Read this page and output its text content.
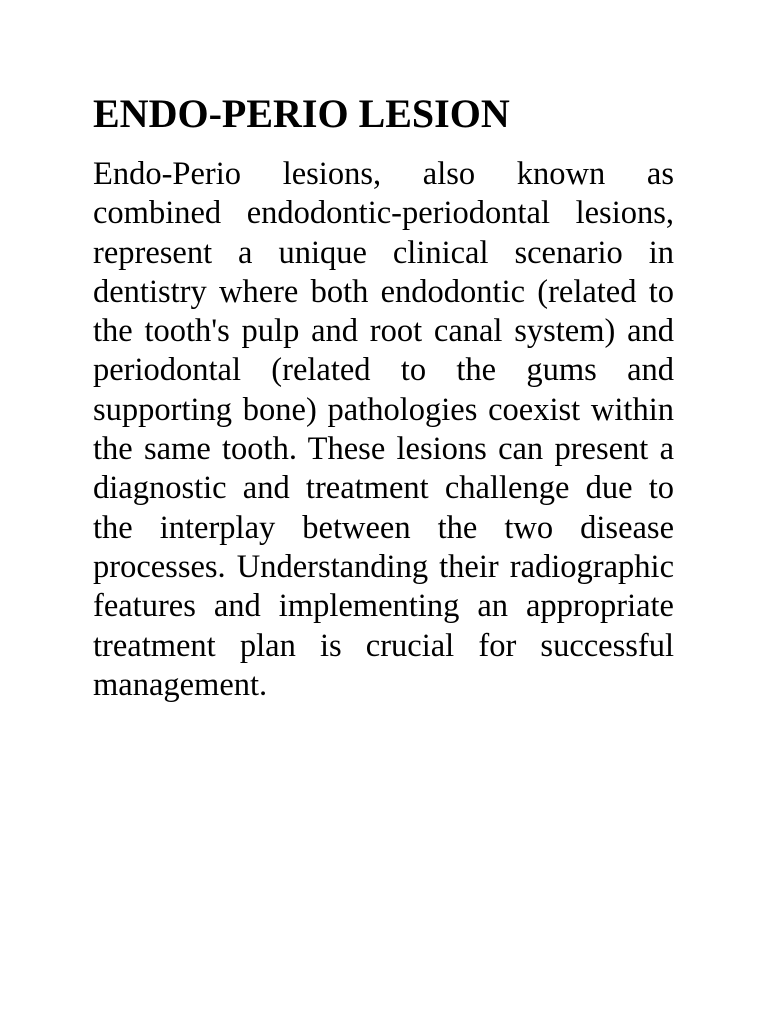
ENDO-PERIO LESION

Endo-Perio lesions, also known as combined endodontic-periodontal lesions, represent a unique clinical scenario in dentistry where both endodontic (related to the tooth's pulp and root canal system) and periodontal (related to the gums and supporting bone) pathologies coexist within the same tooth. These lesions can present a diagnostic and treatment challenge due to the interplay between the two disease processes. Understanding their radiographic features and implementing an appropriate treatment plan is crucial for successful management.
